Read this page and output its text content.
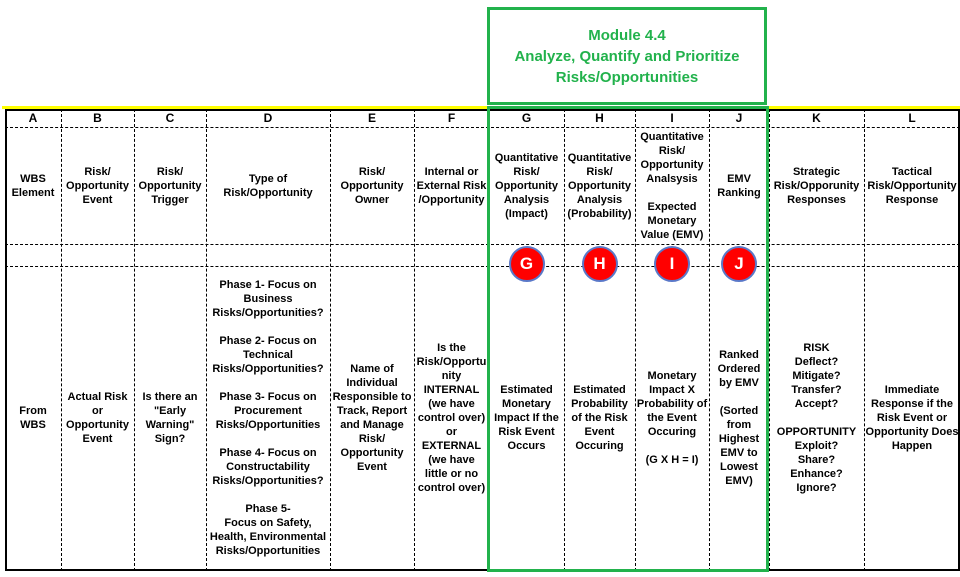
Module 4.4
Analyze, Quantify and Prioritize
Risks/Opportunities
A
WBS
Element
From
WBS
B
Risk/
Opportunity
Event
Actual Risk
or
Opportunity
Event
C
Risk/
Opportunity
Trigger
Is there an
"Early
Warning"
Sign?
D
Type of
Risk/Opportunity
Phase 1- Focus on
Business
Risks/Opportunities?

Phase 2- Focus on
Technical
Risks/Opportunities?

Phase 3- Focus on
Procurement
Risks/Opportunities

Phase 4- Focus on
Constructability
Risks/Opportunities?

Phase 5-
Focus on Safety,
Health, Environmental
Risks/Opportunities
E
Risk/
Opportunity
Owner
Name of
Individual
Responsible to
Track, Report
and Manage
Risk/
Opportunity
Event
F
Internal or
External Risk
/Opportunity
Is the
Risk/Opportu
nity
INTERNAL
(we have
control over)
or
EXTERNAL
(we have
little or no
control over)
G
Quantitative
Risk/
Opportunity
Analysis
(Impact)
Estimated
Monetary
Impact If the
Risk Event
Occurs
G
H
Quantitative
Risk/
Opportunity
Analysis
(Probability)
Estimated
Probability
of the Risk
Event
Occuring
H
I
Quantitative
Risk/
Opportunity
Analsysis

Expected
Monetary
Value (EMV)
Monetary
Impact X
Probability of
the Event
Occuring

(G X H = I)
I
J
EMV
Ranking
Ranked
Ordered
by EMV

(Sorted
from
Highest
EMV to
Lowest
EMV)
J
K
Strategic
Risk/Opporunity
Responses
RISK
Deflect?
Mitigate?
Transfer?
Accept?

OPPORTUNITY
Exploit?
Share?
Enhance?
Ignore?
L
Tactical
Risk/Opportunity
Response
Immediate
Response if the
Risk Event or
Opportunity Does
Happen
